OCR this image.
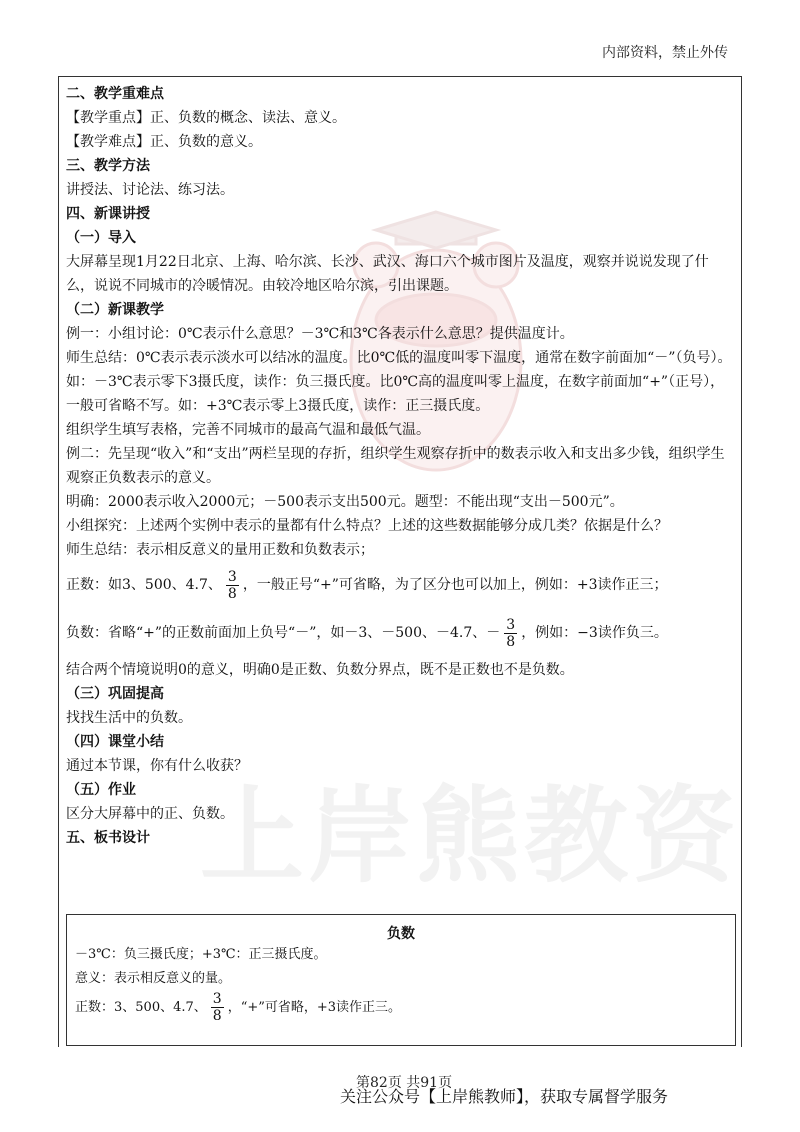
内部资料，禁止外传
上岸熊教资

二、教学重难点

【教学重点】正、负数的概念、读法、意义。

【教学难点】正、负数的意义。

三、教学方法

讲授法、讨论法、练习法。

四、新课讲授

（一）导入

大屏幕呈现1月22日北京、上海、哈尔滨、长沙、武汉、海口六个城市图片及温度，观察并说说发现了什么，说说不同城市的冷暖情况。由较冷地区哈尔滨，引出课题。

（二）新课教学

例一：小组讨论：0℃表示什么意思？－3℃和3℃各表示什么意思？提供温度计。

师生总结：0℃表示表示淡水可以结冰的温度。比0℃低的温度叫零下温度，通常在数字前面加“－”（负号）。如：－3℃表示零下3摄氏度，读作：负三摄氏度。比0℃高的温度叫零上温度，在数字前面加“+”（正号），一般可省略不写。如：+3℃表示零上3摄氏度，读作：正三摄氏度。

组织学生填写表格，完善不同城市的最高气温和最低气温。

例二：先呈现“收入”和“支出”两栏呈现的存折，组织学生观察存折中的数表示收入和支出多少钱，组织学生观察正负数表示的意义。

明确：2000表示收入2000元；－500表示支出500元。题型：不能出现“支出－500元”。

小组探究：上述两个实例中表示的量都有什么特点？上述的这些数据能够分成几类？依据是什么？

师生总结：表示相反意义的量用正数和负数表示；

正数：如3、500、4.7、 $\frac{3}{8}$ ，一般正号“+”可省略，为了区分也可以加上，例如：+3读作正三；

负数：省略“+”的正数前面加上负号“－”，如－3、－500、－4.7、－ $\frac{3}{8}$ ，例如：−3读作负三。

结合两个情境说明0的意义，明确0是正数、负数分界点，既不是正数也不是负数。

（三）巩固提高

找找生活中的负数。

（四）课堂小结

通过本节课，你有什么收获？

（五）作业

区分大屏幕中的正、负数。

五、板书设计

负数

－3℃：负三摄氏度；+3℃：正三摄氏度。

意义：表示相反意义的量。

正数：3、500、4.7、 $\frac{3}{8}$ ，“+”可省略，+3读作正三。

第82页 共91页
关注公众号【上岸熊教师】，获取专属督学服务
